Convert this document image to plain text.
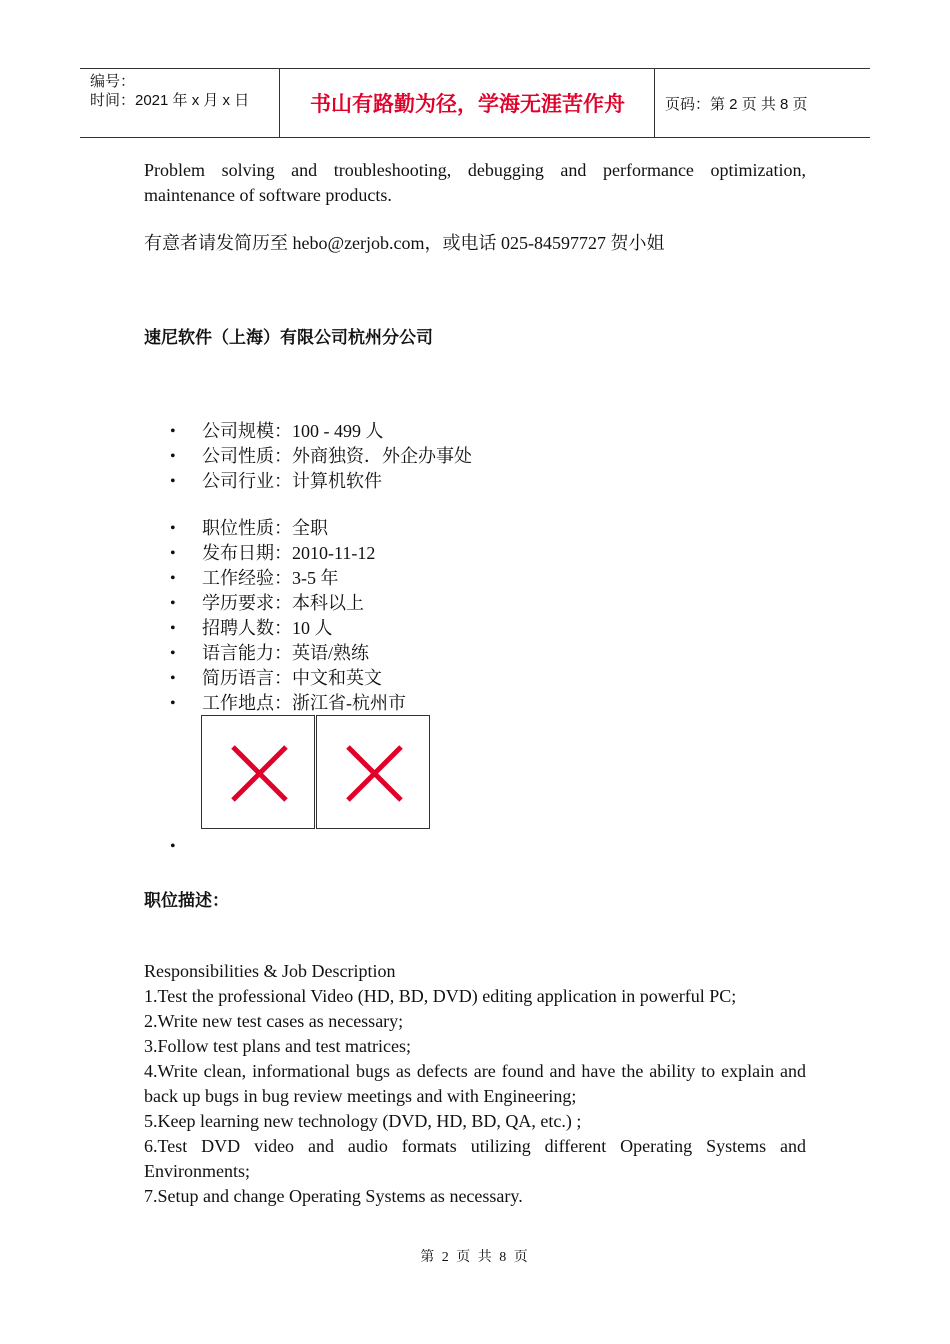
编号：
时间：2021 年 x 月 x 日	书山有路勤为径，学海无涯苦作舟	页码：第 2 页 共 8 页
Problem solving and troubleshooting, debugging and performance optimization, maintenance of software products.
有意者请发简历至 hebo@zerjob.com，或电话 025-84597727 贺小姐
速尼软件（上海）有限公司杭州分公司
• 公司规模：100 - 499 人
• 公司性质：外商独资．外企办事处
• 公司行业：计算机软件
• 职位性质：全职
• 发布日期：2010-11-12
• 工作经验：3-5 年
• 学历要求：本科以上
• 招聘人数：10 人
• 语言能力：英语/熟练
• 简历语言：中文和英文
• 工作地点：浙江省-杭州市
•
职位描述：
Responsibilities & Job Description
1.Test the professional Video (HD, BD, DVD) editing application in powerful PC;
2.Write new test cases as necessary;
3.Follow test plans and test matrices;
4.Write clean, informational bugs as defects are found and have the ability to explain and back up bugs in bug review meetings and with Engineering;
5.Keep learning new technology (DVD, HD, BD, QA, etc.) ;
6.Test DVD video and audio formats utilizing different Operating Systems and Environments;
7.Setup and change Operating Systems as necessary.
第 2 页 共 8 页
